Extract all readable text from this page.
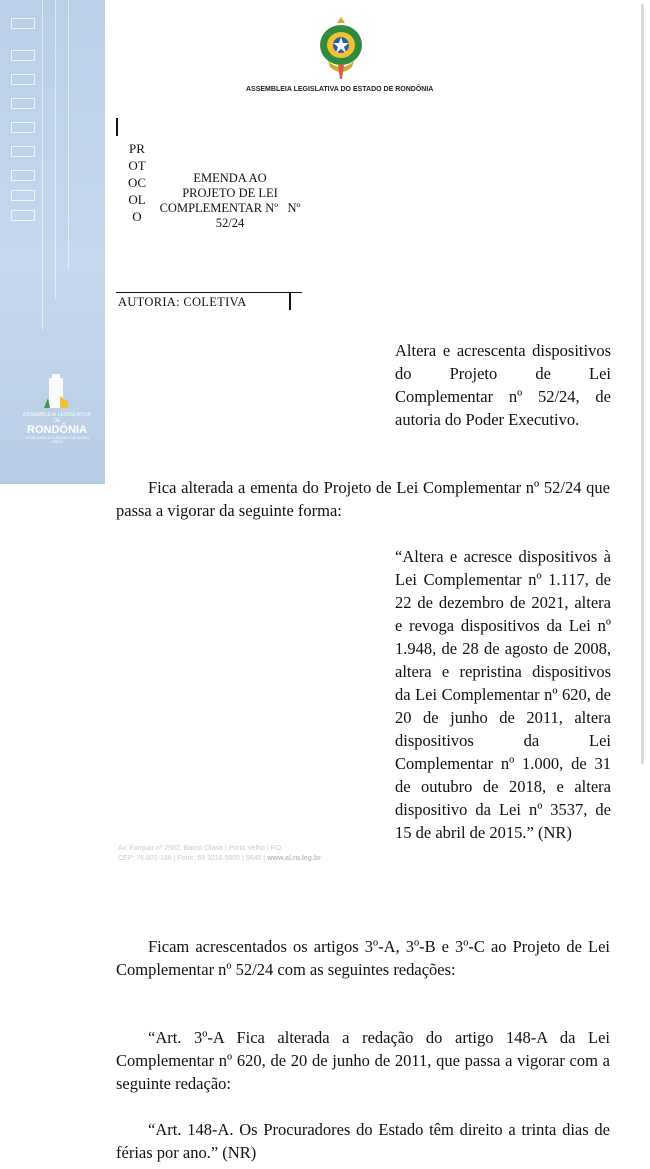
ASSEMBLEIA LEGISLATIVA DE
RONDÔNIA
LEGISLANDO E CUIDANDO DA NOSSA GENTE
ASSEMBLEIA LEGISLATIVA DO ESTADO DE RONDÔNIA
PR
OT
OC
OL
O
EMENDA AO
PROJETO DE LEI
COMPLEMENTAR Nº   Nº
52/24
AUTORIA: COLETIVA
Altera e acrescenta dispositivos do Projeto de Lei Complementar nº 52/24, de autoria do Poder Executivo.
Fica alterada a ementa do Projeto de Lei Complementar nº 52/24 que passa a vigorar da seguinte forma:
“Altera e acresce dispositivos à Lei Complementar nº 1.117, de 22 de dezembro de 2021, altera e revoga dispositivos da Lei nº 1.948, de 28 de agosto de 2008, altera e repristina dispositivos da Lei Complementar nº 620, de 20 de junho de 2011, altera dispositivos da Lei Complementar nº 1.000, de 31 de outubro de 2018, e altera dispositivo da Lei nº 3537, de 15 de abril de 2015.” (NR)
Av. Farquar nº 2562, Bairro Olaria | Porto Velho | RO
CEP: 76.801-189 | Fone: 69 3218.5605 | 5645 | www.al.ro.leg.br
Ficam acrescentados os artigos 3º-A, 3º-B e 3º-C ao Projeto de Lei Complementar nº 52/24 com as seguintes redações:
“Art. 3º-A Fica alterada a redação do artigo 148-A da Lei Complementar nº 620, de 20 de junho de 2011, que passa a vigorar com a seguinte redação:
“Art. 148-A. Os Procuradores do Estado têm direito a trinta dias de férias por ano.” (NR)
